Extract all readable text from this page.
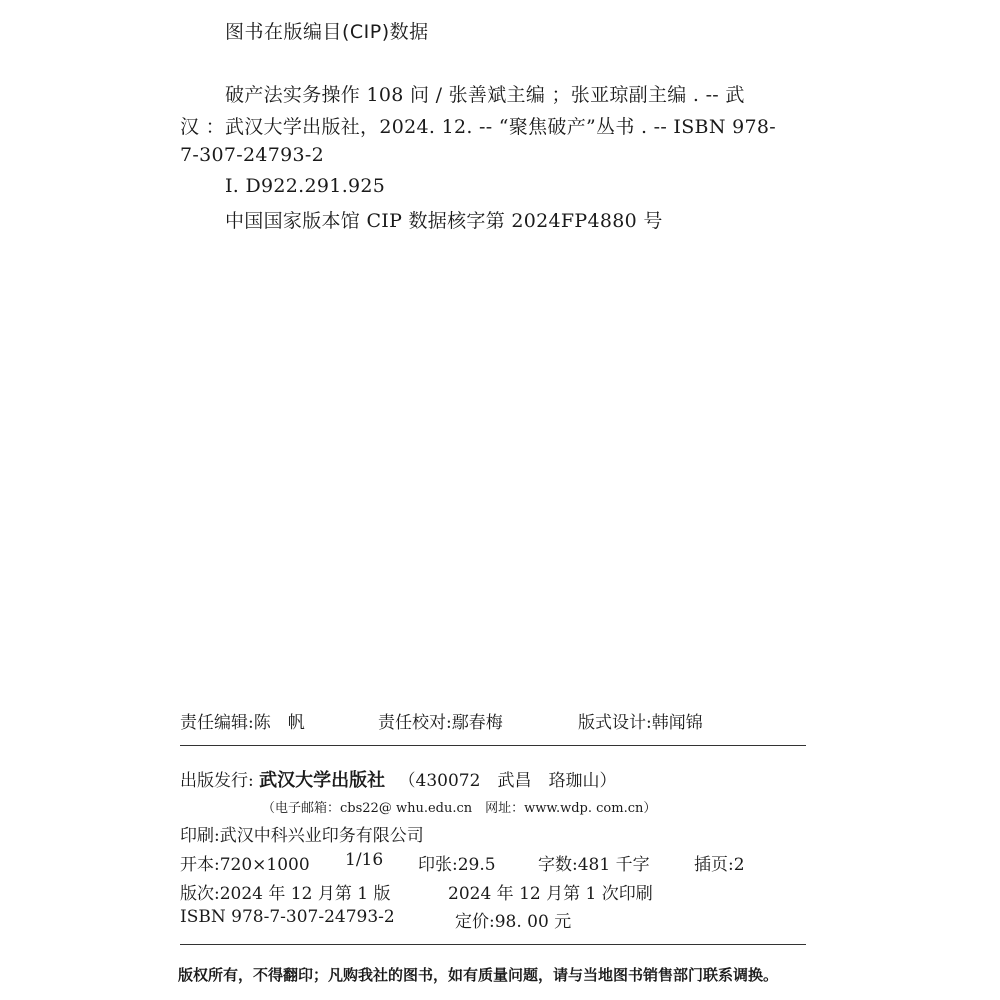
图书在版编目(CIP)数据
破产法实务操作 108 问 / 张善斌主编 ；张亚琼副主编 . -- 武
汉 ：武汉大学出版社，2024. 12. -- “聚焦破产”丛书 . -- ISBN 978-
7-307-24793-2
Ⅰ. D922.291.925
中国国家版本馆 CIP 数据核字第 2024FP4880 号
责任编辑:陈　帆	责任校对:鄢春梅	版式设计:韩闻锦
出版发行: 武汉大学出版社 （430072　武昌　珞珈山）
（电子邮箱：cbs22@ whu.edu.cn　网址：www.wdp. com.cn）
印刷:武汉中科兴业印务有限公司
开本:720×1000 1/16 印张:29.5 字数:481 千字	插页:2
版次:2024 年 12 月第 1 版	2024 年 12 月第 1 次印刷
ISBN 978-7-307-24793-2	定价:98. 00 元
版权所有，不得翻印；凡购我社的图书，如有质量问题，请与当地图书销售部门联系调换。
